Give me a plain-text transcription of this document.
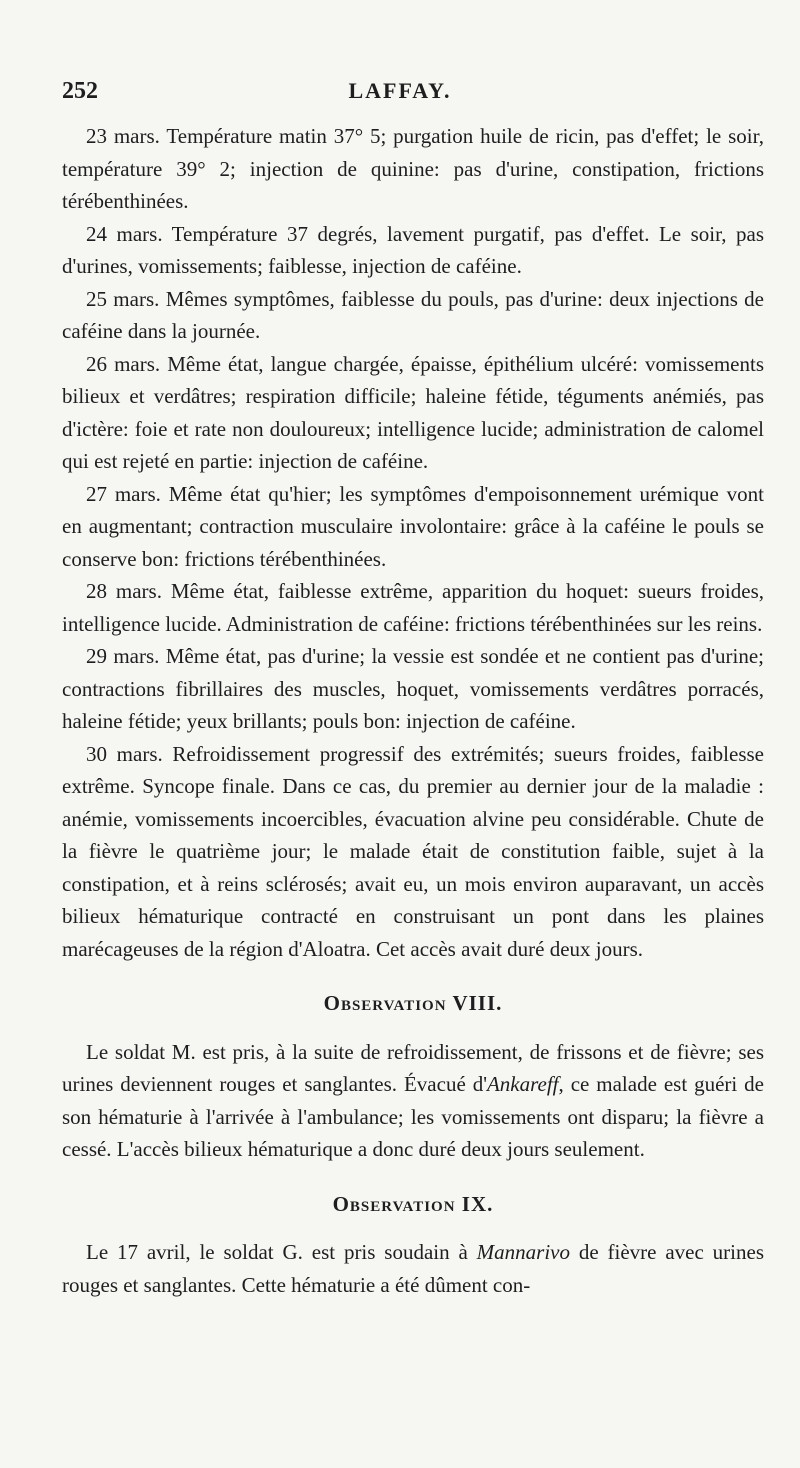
252	LAFFAY.

23 mars. Température matin 37° 5; purgation huile de ricin, pas d'effet; le soir, température 39° 2; injection de quinine: pas d'urine, constipation, frictions térébenthinées.

24 mars. Température 37 degrés, lavement purgatif, pas d'effet. Le soir, pas d'urines, vomissements; faiblesse, injection de caféine.

25 mars. Mêmes symptômes, faiblesse du pouls, pas d'urine: deux injections de caféine dans la journée.

26 mars. Même état, langue chargée, épaisse, épithélium ulcéré: vomissements bilieux et verdâtres; respiration difficile; haleine fétide, téguments anémiés, pas d'ictère: foie et rate non douloureux; intelligence lucide; administration de calomel qui est rejeté en partie: injection de caféine.

27 mars. Même état qu'hier; les symptômes d'empoisonnement urémique vont en augmentant; contraction musculaire involontaire: grâce à la caféine le pouls se conserve bon: frictions térébenthinées.

28 mars. Même état, faiblesse extrême, apparition du hoquet: sueurs froides, intelligence lucide. Administration de caféine: frictions térébenthinées sur les reins.

29 mars. Même état, pas d'urine; la vessie est sondée et ne contient pas d'urine; contractions fibrillaires des muscles, hoquet, vomissements verdâtres porracés, haleine fétide; yeux brillants; pouls bon: injection de caféine.

30 mars. Refroidissement progressif des extrémités; sueurs froides, faiblesse extrême. Syncope finale. Dans ce cas, du premier au dernier jour de la maladie : anémie, vomissements incoercibles, évacuation alvine peu considérable. Chute de la fièvre le quatrième jour; le malade était de constitution faible, sujet à la constipation, et à reins sclérosés; avait eu, un mois environ auparavant, un accès bilieux hématurique contracté en construisant un pont dans les plaines marécageuses de la région d'Aloatra. Cet accès avait duré deux jours.

Observation VIII.

Le soldat M. est pris, à la suite de refroidissement, de frissons et de fièvre; ses urines deviennent rouges et sanglantes. Évacué d'Ankareff, ce malade est guéri de son hématurie à l'arrivée à l'ambulance; les vomissements ont disparu; la fièvre a cessé. L'accès bilieux hématurique a donc duré deux jours seulement.

Observation IX.

Le 17 avril, le soldat G. est pris soudain à Mannarivo de fièvre avec urines rouges et sanglantes. Cette hématurie a été dûment con-
